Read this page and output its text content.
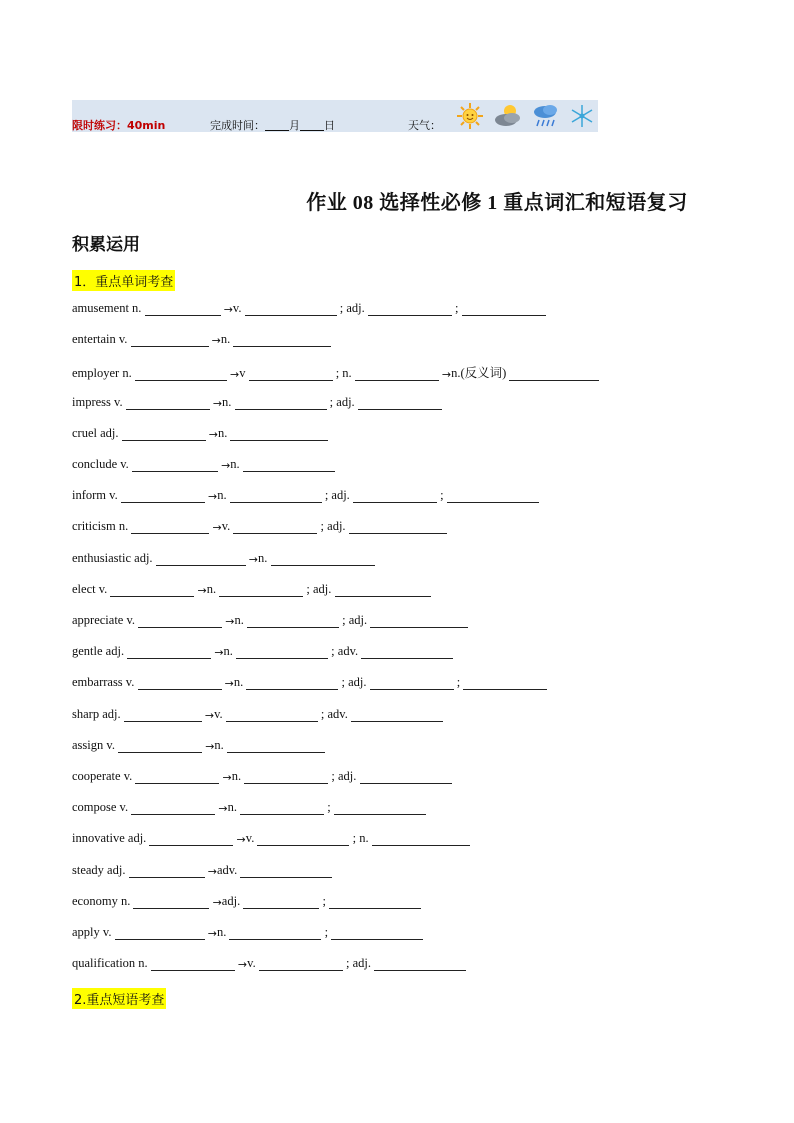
限时练习：40min	完成时间： 月 日	天气：
作业 08 选择性必修 1 重点词汇和短语复习
积累运用
1．重点单词考查
amusement n.	→v.	; adj.	;
entertain v.	→n.
employer n.	→v	; n.	→n.(反义词)
impress v.	→n.	; adj.
cruel adj.	→n.
conclude v.	→n.
inform v.	→n.	; adj.	;
criticism n.	→v.	; adj.
enthusiastic adj.	→n.
elect v.	→n.	; adj.
appreciate v.	→n.	; adj.
gentle adj.	→n.	; adv.
embarrass v.	→n.	; adj.	;
sharp adj.	→v.	; adv.
assign v.	→n.
cooperate v.	→n.	; adj.
compose v.	→n.	;
innovative adj.	→v.	; n.
steady adj.	→adv.
economy n.	→adj.	;
apply v.	→n.	;
qualification n.	→v.	; adj.
2.重点短语考查
